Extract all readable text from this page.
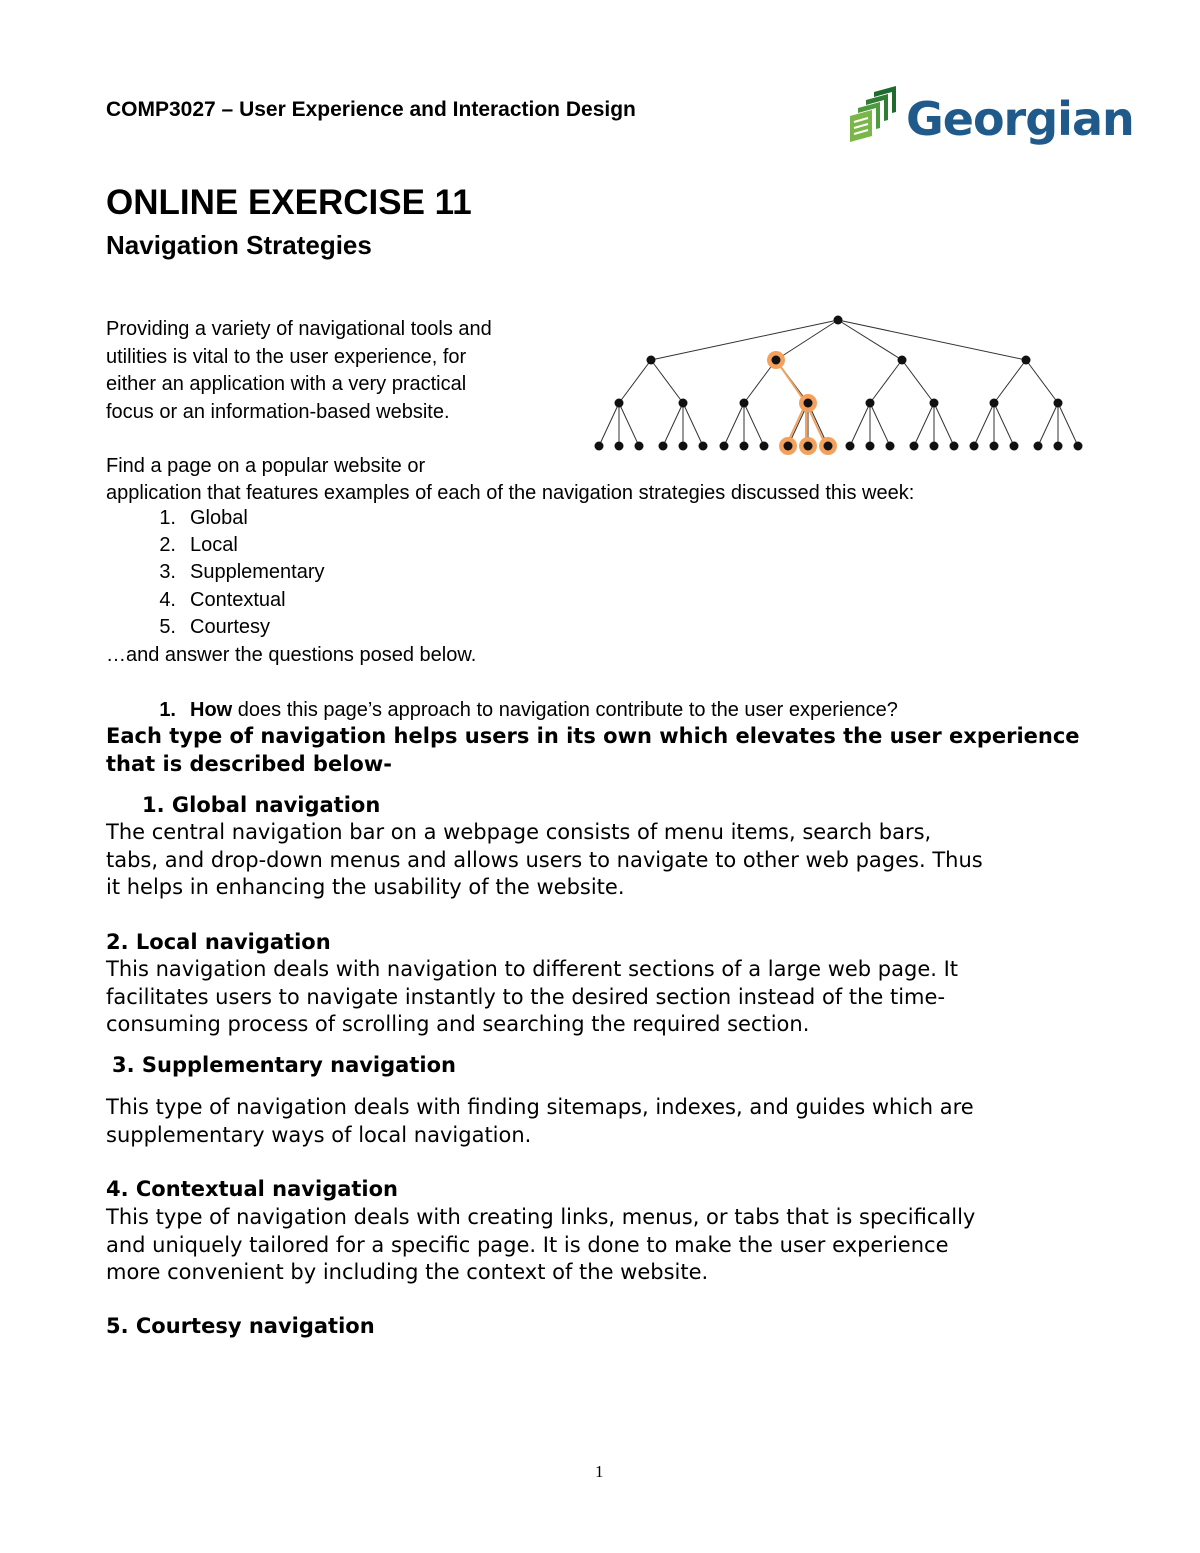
COMP3027 – User Experience and Interaction Design	Georgian
ONLINE EXERCISE 11
Navigation Strategies
Providing a variety of navigational tools and
utilities is vital to the user experience, for
either an application with a very practical
focus or an information-based website.
Find a page on a popular website or
application that features examples of each of the navigation strategies discussed this week:
1. Global
2. Local
3. Supplementary
4. Contextual
5. Courtesy
…and answer the questions posed below.
1. How does this page’s approach to navigation contribute to the user experience?
Each type of navigation helps users in its own which elevates the user experience
that is described below-
1. Global navigation
The central navigation bar on a webpage consists of menu items, search bars,
tabs, and drop-down menus and allows users to navigate to other web pages. Thus
it helps in enhancing the usability of the website.
2. Local navigation
This navigation deals with navigation to different sections of a large web page. It
facilitates users to navigate instantly to the desired section instead of the time-
consuming process of scrolling and searching the required section.
3. Supplementary navigation
This type of navigation deals with finding sitemaps, indexes, and guides which are
supplementary ways of local navigation.
4. Contextual navigation
This type of navigation deals with creating links, menus, or tabs that is specifically
and uniquely tailored for a specific page. It is done to make the user experience
more convenient by including the context of the website.
5. Courtesy navigation
1
